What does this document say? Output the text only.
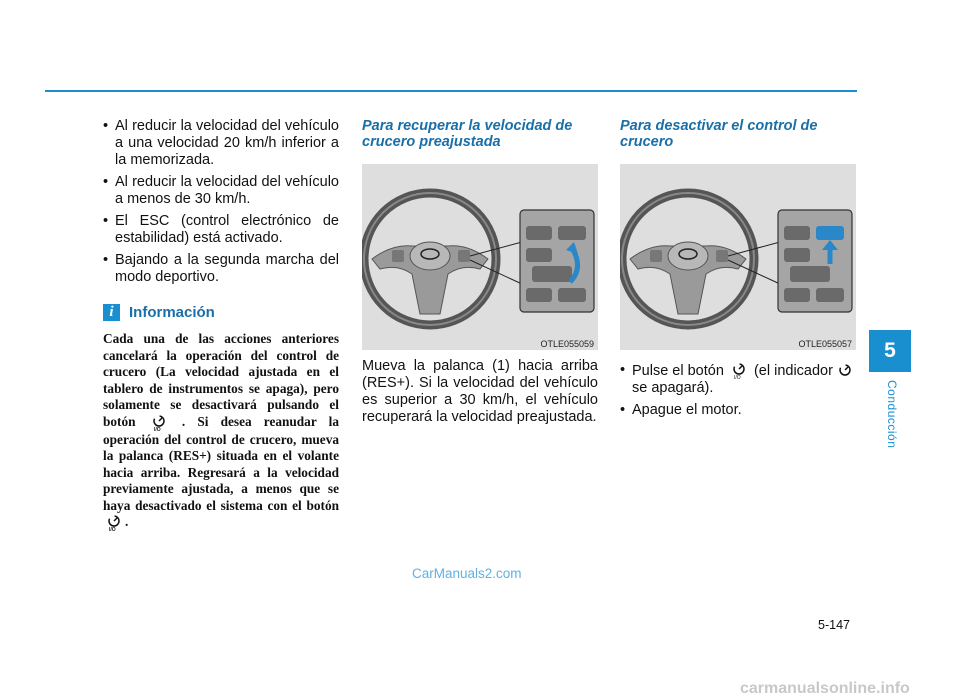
• Al reducir la velocidad del vehículo a una velocidad 20 km/h inferior a la memorizada.
• Al reducir la velocidad del vehículo a menos de 30 km/h.
• El ESC (control electrónico de estabilidad) está activado.
• Bajando a la segunda marcha del modo deportivo.
i	Información

Cada una de las acciones anteriores cancelará la operación del control de crucero (La velocidad ajustada en el tablero de instrumentos se apaga), pero solamente se desactivará pulsando el botón
I/O
. Si desea reanudar la operación del control de crucero, mueva la palanca (RES+) situada en el volante hacia arriba. Regresará a la velocidad previamente ajustada, a menos que se haya desactivado el sistema con el botón
I/O
.

Para recuperar la velocidad de crucero preajustada
OTLE055059

Mueva la palanca (1) hacia arriba (RES+). Si la velocidad del vehículo es superior a 30 km/h, el vehículo recuperará la velocidad preajustada.

Para desactivar el control de crucero
OTLE055057
• Pulse el botón I/O (el indicador  se apagará).
• Apague el motor.
5
Conducción
5-147
CarManuals2.com
carmanualsonline.info
